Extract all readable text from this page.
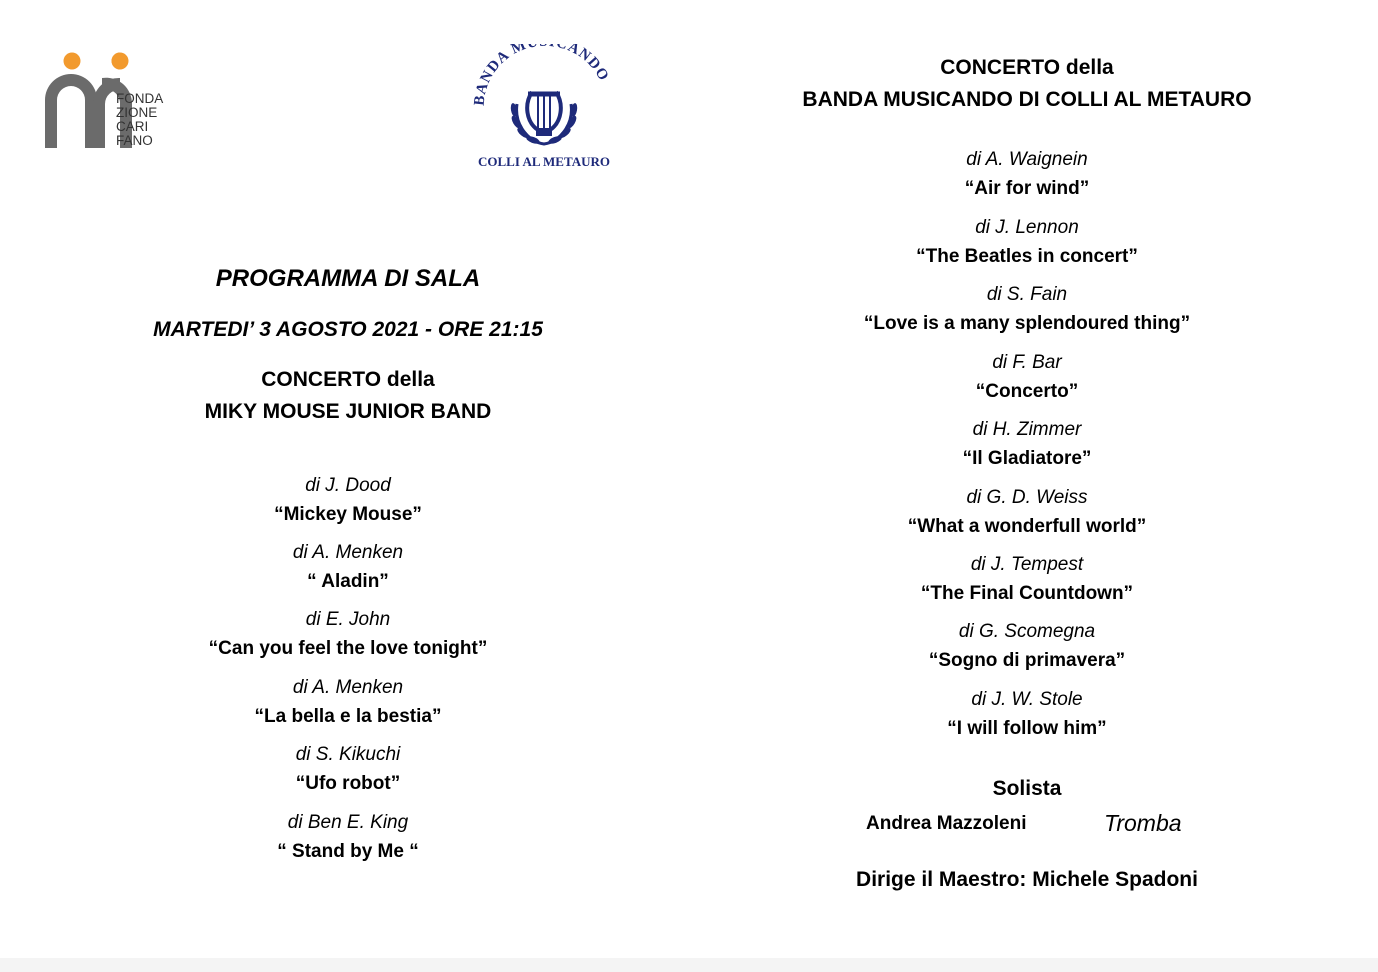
FONDA
ZIONE
CARI
FANO
BANDA M CANDO
COLLI AL METAURO
PROGRAMMA DI SALA
MARTEDI’ 3 AGOSTO 2021 - ORE 21:15
CONCERTO della
MIKY MOUSE JUNIOR BAND
di J. Dood
“Mickey Mouse”
di A. Menken
“ Aladin”
di E. John
“Can you feel the love tonight”
di A. Menken
“La bella e la bestia”
di S. Kikuchi
“Ufo robot”
di Ben E. King
“ Stand by Me “
CONCERTO della
BANDA MUSICANDO DI COLLI AL METAURO
di A. Waignein
“Air for wind”
di J. Lennon
“The Beatles in concert”
di S. Fain
“Love is a many splendoured thing”
di F. Bar
“Concerto”
di H. Zimmer
“Il Gladiatore”
di G. D. Weiss
“What a wonderfull world”
di J. Tempest
“The Final Countdown”
di G. Scomegna
“Sogno di primavera”
di J. W. Stole
“I will follow him”
Solista
Andrea Mazzoleni	Tromba
Dirige il Maestro: Michele Spadoni
